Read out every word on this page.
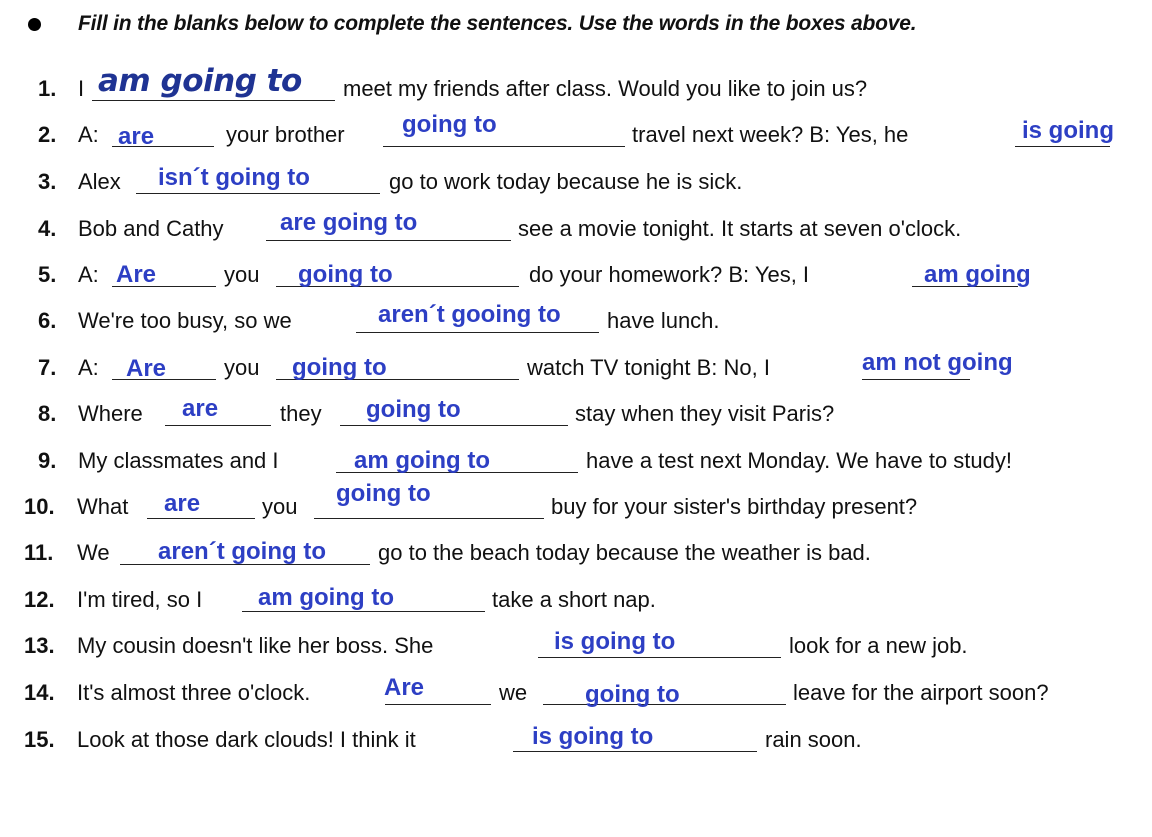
Fill in the blanks below to complete the sentences. Use the words in the boxes above.
1. I am going to meet my friends after class. Would you like to join us?
2. A: are	your brother going to	travel next week? B: Yes, he	is going
3. Alex isn´t going to	go to work today because he is sick.
4. Bob and Cathy are going to	see a movie tonight. It starts at seven o'clock.
5. A: Are	you going to	do your homework? B: Yes, I	am going
6. We're too busy, so we	aren´t gooing to have lunch.
7. A: Are	you going to	watch TV tonight B: No, I	am not going
8. Where are	they going to	stay when they visit Paris?
9. My classmates and I	am going to	have a test next Monday. We have to study!
10. What are	you going to	buy for your sister's birthday present?
11. We aren´t going to go to the beach today because the weather is bad.
12. I'm tired, so I am going to	take a short nap.
13. My cousin doesn't like her boss. She	is going to	look for a new job.
14. It's almost three o'clock.	Are	we going to	leave for the airport soon?
15. Look at those dark clouds! I think it	is going to	rain soon.
